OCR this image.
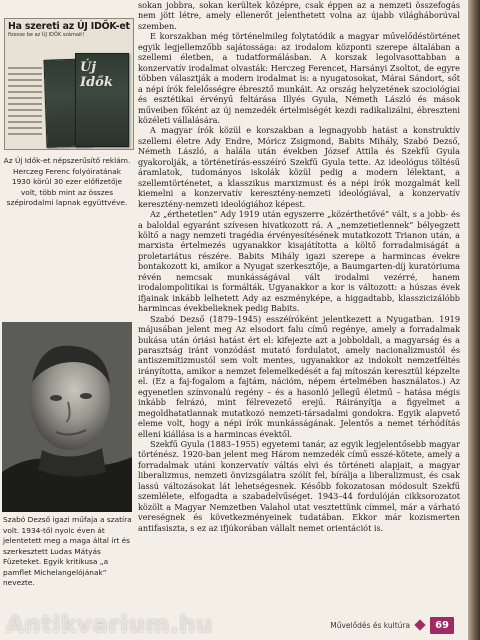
Ha szereti az ÚJ IDŐK-et
fizesse be az ÚJ IDŐK számait!
Új Idők

Az Új Idők-et népszerűsítő reklám. Herczeg Ferenc folyóiratának 1930 körül 30 ezer előfizetője volt, több mint az összes szépirodalmi lapnak együttvéve.

Szabó Dezső igazi műfaja a szatíra volt. 1934-től nyolc éven át jelentetett meg a maga által írt és szerkesztett Ludas Mátyás Füzeteket. Egyik kritikusa „a pamflet Michelangelójának” nevezte.

sokan jobbra, sokan kerültek középre, csak éppen az a nemzeti összefogás nem jött létre, amely ellenerőt jelenthetett volna az újabb világháborúval szemben.

E korszakban még történelmileg folytatódik a magyar művelődéstörténet egyik legjellemzőbb sajátossága: az irodalom központi szerepe általában a szellemi életben, a tudatformálásban. A korszak legolvasottabban a konzervatív irodalmat olvasták: Herczeg Ferencet, Harsányi Zsoltot, de egyre többen választják a modern irodalmat is: a nyugatosokat, Márai Sándort, sőt a népi írók felelősségre ébresztő munkáit. Az ország helyzetének szociológiai és esztétikai érvényű feltárása Illyés Gyula, Németh László és mások műveiben főként az új nemzedék értelmiségét kezdi radikalizálni, ébreszteni közéleti vállalására.

A magyar írók közül e korszakban a legnagyobb hatást a konstruktív szellemi életre Ady Endre, Móricz Zsigmond, Babits Mihály, Szabó Dezső, Németh László, a halála után években József Attila és Szekfű Gyula gyakorolják, a történetírás-esszéíró Szekfű Gyula tette. Az ideológus töltésű áramlatok, tudományos iskolák közül pedig a modern lélektant, a szellemtörténetet, a klasszikus marxizmust és a népi írók mozgalmát kell kiemelni a konzervatív keresztény-nemzeti ideológiával, a konzervatív keresztény-nemzeti ideológiához képest.

Az „érthetetlen” Ady 1919 után egyszerre „közérthetővé” vált, s a jobb- és a baloldal egyaránt szívesen hivatkozott rá. A „nemzetietlennek” bélyegzett költő a nagy nemzeti tragédia érvényesítésének mutatkozott Trianon után, a marxista értelmezés ugyanakkor kisajátította a költő forradalmiságát a proletariátus részére. Babits Mihály igazi szerepe a harmincas évekre bontakozott ki, amikor a Nyugat szerkesztője, a Baumgarten-díj kuratóriuma révén nemcsak munkásságával vált irodalmi vezérré, hanem irodalompolitikai is formálták. Ugyanakkor a kor is változott: a húszas évek ifjainak inkább lelhetett Ady az eszményképe, a higgadtabb, klasszicizálóbb harmincas évekbelieknek pedig Babits.

Szabó Dezső (1879–1945) esszéíróként jelentkezett a Nyugatban. 1919 májusában jelent meg Az elsodort falu című regénye, amely a forradalmak bukása után óriási hatást ért el: kifejezte azt a jobboldali, a magyarság és a parasztság iránt vonzódást mutató fordulatot, amely nacionalizmustól és antiszemitizmustól sem volt mentes, ugyanakkor az indokolt nemzetféltés irányította, amikor a nemzet felemelkedését a faj mítoszán keresztül képzelte el. (Ez a faj-fogalom a fajtám, nációm, népem értelmében használatos.) Az egyenetlen színvonalú regény – és a hasonló jellegű életmű – hatása mégis inkább felrázó, mint félrevezető erejű. Ráirányítja a figyelmet a megoldhatatlannak mutatkozó nemzeti-társadalmi gondokra. Egyik alapvető eleme volt, hogy a népi írók munkásságának. Jelentős a nemet térhódítás elleni kiállása is a harmincas évektől.

Szekfű Gyula (1883–1955) egyetemi tanár, az egyik legjelentősebb magyar történész. 1920-ban jelent meg Három nemzedék című esszé-kötete, amely a forradalmak utáni konzervatív váltás elvi és történeti alapjait, a magyar liberalizmus, nemzeti önvizsgálatra szólít fel, bírálja a liberalizmust, és csak lassú változásokat lát lehetségesnek. Később fokozatosan módosult Szekfű szemlélete, elfogadta a szabadelvűséget. 1943–44 fordulóján cikksorozatot közölt a Magyar Nemzetben Valahol utat vesztettünk címmel, már a várható vereségnek és következményeinek tudatában. Ekkor már kozismerten antifasiszta, s ez az ifjúkorában vállalt nemet orientációt is.

Művelődés és kultúra	69
Antikvarium.hu
